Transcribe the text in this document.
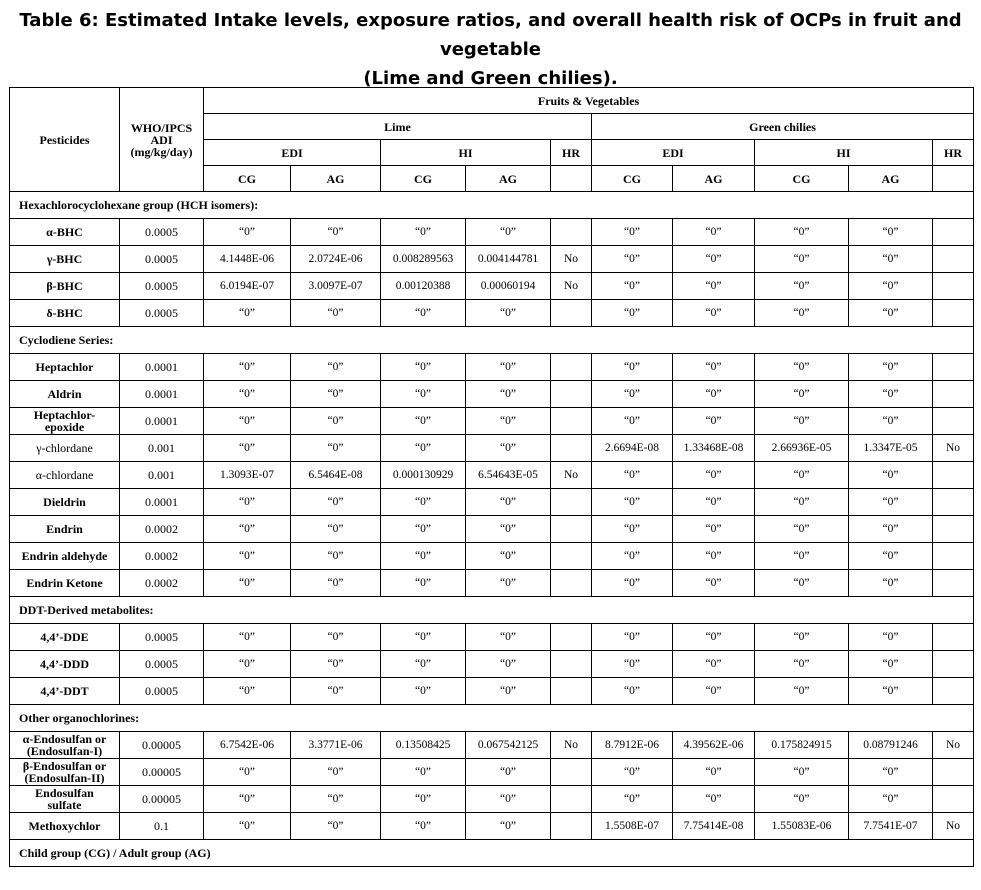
Table 6: Estimated Intake levels, exposure ratios, and overall health risk of OCPs in fruit and vegetable
(Lime and Green chilies).
Pesticides	WHO/IPCS
ADI
(mg/kg/day)	Fruits & Vegetables									
		Lime					Green chilies				
		EDI		HI		HR	EDI		HI		HR
		CG	AG	CG	AG		CG	AG	CG	AG	
Hexachlorocyclohexane group (HCH isomers):											

α-BHC	0.0005	“0”	“0”	“0”	“0”		“0”	“0”	“0”	“0”	

γ-BHC	0.0005	4.1448E-06	2.0724E-06	0.008289563	0.004144781	No	“0”	“0”	“0”	“0”	

β-BHC	0.0005	6.0194E-07	3.0097E-07	0.00120388	0.00060194	No	“0”	“0”	“0”	“0”	

δ-BHC	0.0005	“0”	“0”	“0”	“0”		“0”	“0”	“0”	“0”	
Cyclodiene Series:											

Heptachlor	0.0001	“0”	“0”	“0”	“0”		“0”	“0”	“0”	“0”	

Aldrin	0.0001	“0”	“0”	“0”	“0”		“0”	“0”	“0”	“0”	

Heptachlor-
epoxide	0.0001	“0”	“0”	“0”	“0”		“0”	“0”	“0”	“0”	

γ-chlordane	0.001	“0”	“0”	“0”	“0”		2.6694E-08	1.33468E-08	2.66936E-05	1.3347E-05	No

α-chlordane	0.001	1.3093E-07	6.5464E-08	0.000130929	6.54643E-05	No	“0”	“0”	“0”	“0”	

Dieldrin	0.0001	“0”	“0”	“0”	“0”		“0”	“0”	“0”	“0”	

Endrin	0.0002	“0”	“0”	“0”	“0”		“0”	“0”	“0”	“0”	

Endrin aldehyde	0.0002	“0”	“0”	“0”	“0”		“0”	“0”	“0”	“0”	

Endrin Ketone	0.0002	“0”	“0”	“0”	“0”		“0”	“0”	“0”	“0”	
DDT-Derived metabolites:											

4,4’-DDE	0.0005	“0”	“0”	“0”	“0”		“0”	“0”	“0”	“0”	

4,4’-DDD	0.0005	“0”	“0”	“0”	“0”		“0”	“0”	“0”	“0”	

4,4’-DDT	0.0005	“0”	“0”	“0”	“0”		“0”	“0”	“0”	“0”	
Other organochlorines:											

α-Endosulfan or
(Endosulfan-I)	0.00005	6.7542E-06	3.3771E-06	0.13508425	0.067542125	No	8.7912E-06	4.39562E-06	0.175824915	0.08791246	No

β-Endosulfan or
(Endosulfan-II)	0.00005	“0”	“0”	“0”	“0”		“0”	“0”	“0”	“0”	

Endosulfan
sulfate	0.00005	“0”	“0”	“0”	“0”		“0”	“0”	“0”	“0”	

Methoxychlor	0.1	“0”	“0”	“0”	“0”		1.5508E-07	7.75414E-08	1.55083E-06	7.7541E-07	No
Child group (CG) / Adult group (AG)											
